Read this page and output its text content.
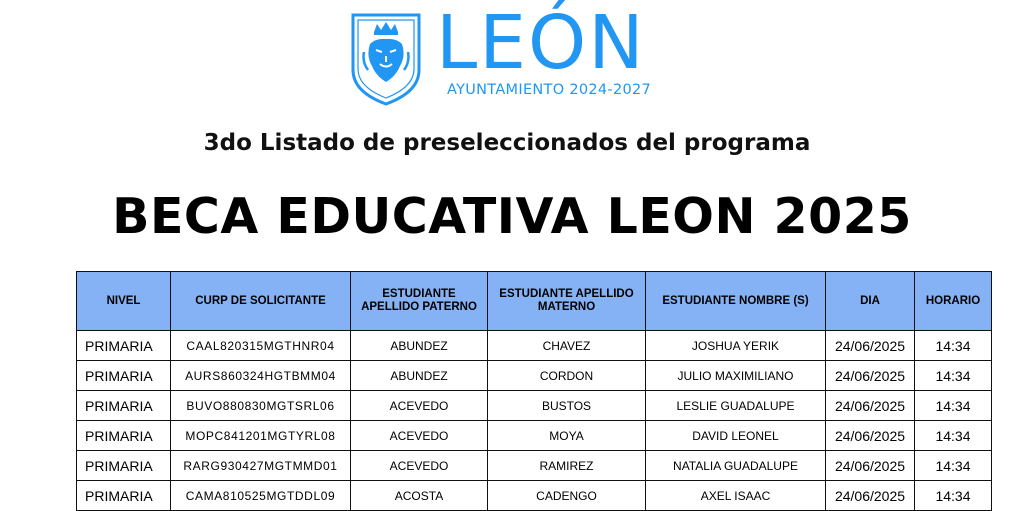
LEÓN
AYUNTAMIENTO 2024-2027
3do Listado de preseleccionados del programa
BECA EDUCATIVA LEON 2025
NIVEL	CURP DE SOLICITANTE	ESTUDIANTE APELLIDO PATERNO	ESTUDIANTE APELLIDO MATERNO	ESTUDIANTE NOMBRE (S)	DIA	HORARIO
PRIMARIA	CAAL820315MGTHNR04	ABUNDEZ	CHAVEZ	JOSHUA YERIK	24/06/2025	14:34
PRIMARIA	AURS860324HGTBMM04	ABUNDEZ	CORDON	JULIO MAXIMILIANO	24/06/2025	14:34
PRIMARIA	BUVO880830MGTSRL06	ACEVEDO	BUSTOS	LESLIE GUADALUPE	24/06/2025	14:34
PRIMARIA	MOPC841201MGTYRL08	ACEVEDO	MOYA	DAVID LEONEL	24/06/2025	14:34
PRIMARIA	RARG930427MGTMMD01	ACEVEDO	RAMIREZ	NATALIA GUADALUPE	24/06/2025	14:34
PRIMARIA	CAMA810525MGTDDL09	ACOSTA	CADENGO	AXEL ISAAC	24/06/2025	14:34
